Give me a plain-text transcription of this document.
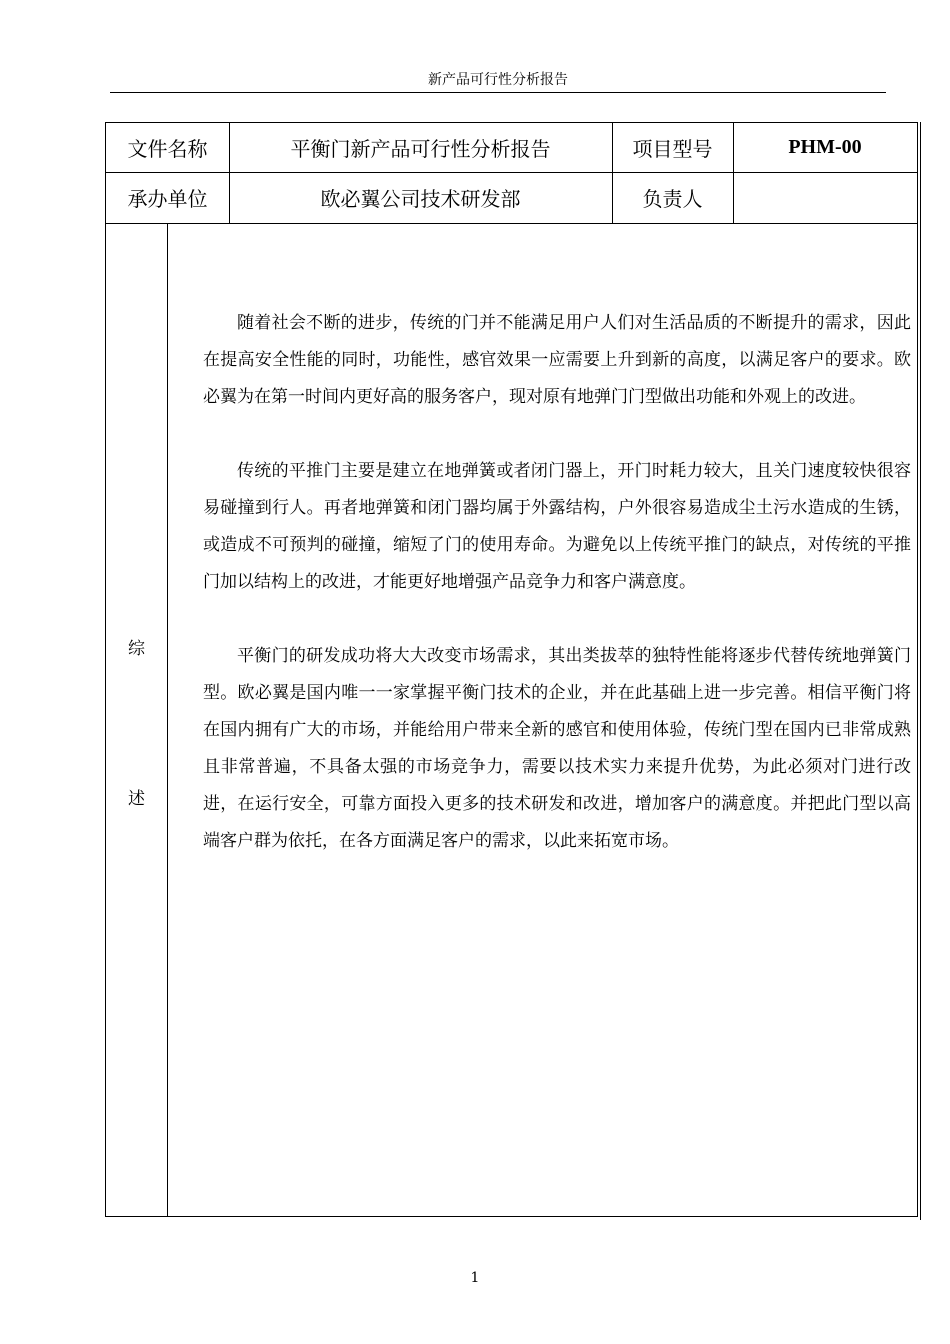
新产品可行性分析报告
文件名称	平衡门新产品可行性分析报告	项目型号	PHM-00
承办单位	欧必翼公司技术研发部	负责人
综
述

随着社会不断的进步，传统的门并不能满足用户人们对生活品质的不断提升的需求，因此在提高安全性能的同时，功能性，感官效果一应需要上升到新的高度，以满足客户的要求。欧必翼为在第一时间内更好高的服务客户，现对原有地弹门门型做出功能和外观上的改进。

传统的平推门主要是建立在地弹簧或者闭门器上，开门时耗力较大，且关门速度较快很容易碰撞到行人。再者地弹簧和闭门器均属于外露结构，户外很容易造成尘土污水造成的生锈，或造成不可预判的碰撞，缩短了门的使用寿命。为避免以上传统平推门的缺点，对传统的平推门加以结构上的改进，才能更好地增强产品竞争力和客户满意度。

平衡门的研发成功将大大改变市场需求，其出类拔萃的独特性能将逐步代替传统地弹簧门型。欧必翼是国内唯一一家掌握平衡门技术的企业，并在此基础上进一步完善。相信平衡门将在国内拥有广大的市场，并能给用户带来全新的感官和使用体验，传统门型在国内已非常成熟且非常普遍，不具备太强的市场竞争力，需要以技术实力来提升优势，为此必须对门进行改进，在运行安全，可靠方面投入更多的技术研发和改进，增加客户的满意度。并把此门型以高端客户群为依托，在各方面满足客户的需求，以此来拓宽市场。

1
